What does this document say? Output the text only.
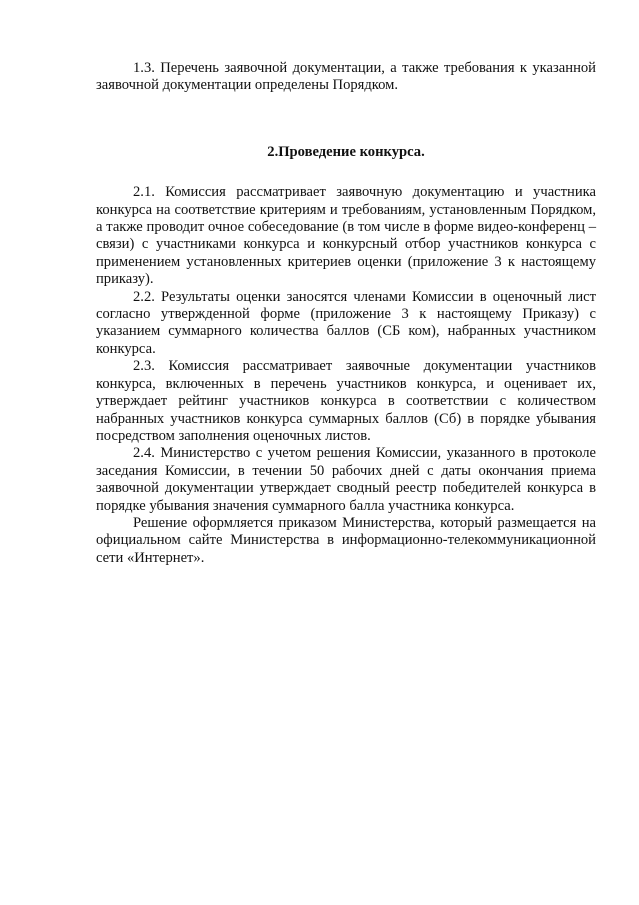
1.3. Перечень заявочной документации, а также требования к указанной заявочной документации определены Порядком.

2.Проведение конкурса.

2.1. Комиссия рассматривает заявочную документацию и участника конкурса на соответствие критериям и требованиям, установленным Порядком, а также проводит очное собеседование (в том числе в форме видео-конференц – связи) с участниками конкурса и конкурсный отбор участников конкурса с применением установленных критериев оценки (приложение 3 к настоящему приказу).

2.2. Результаты оценки заносятся членами Комиссии в оценочный лист согласно утвержденной форме (приложение 3 к настоящему Приказу) с указанием суммарного количества баллов (СБ ком), набранных участником конкурса.

2.3. Комиссия рассматривает заявочные документации участников конкурса, включенных в перечень участников конкурса, и оценивает их, утверждает рейтинг участников конкурса в соответствии с количеством набранных участников конкурса суммарных баллов (Сб) в порядке убывания посредством заполнения оценочных листов.

2.4. Министерство с учетом решения Комиссии, указанного в протоколе заседания Комиссии, в течении 50 рабочих дней с даты окончания приема заявочной документации утверждает сводный реестр победителей конкурса в порядке убывания значения суммарного балла участника конкурса.

Решение оформляется приказом Министерства, который размещается на официальном сайте Министерства в информационно-телекоммуникационной сети «Интернет».
